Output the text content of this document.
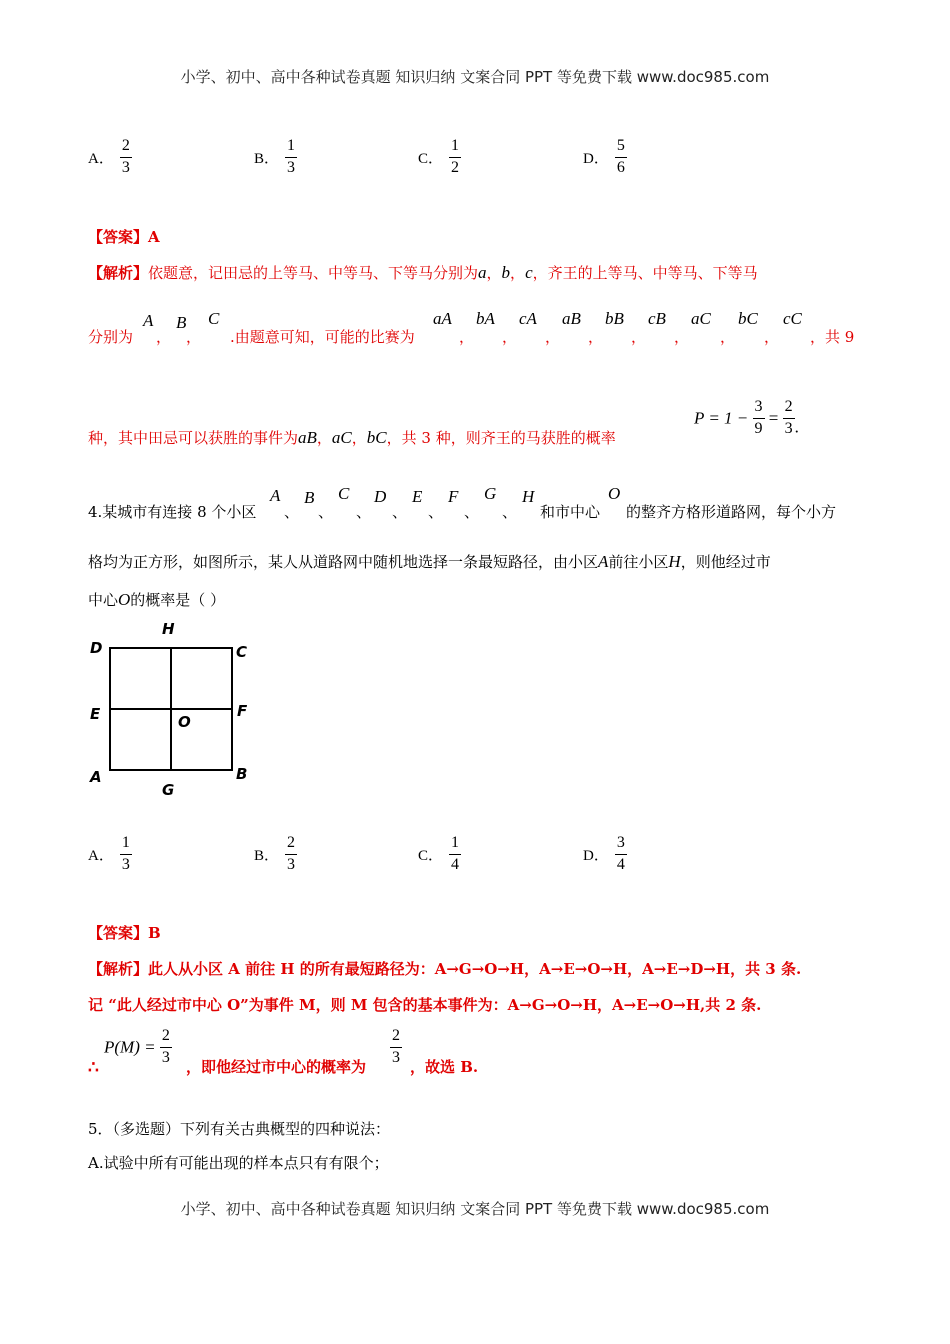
小学、初中、高中各种试卷真题 知识归纳 文案合同 PPT 等免费下载 www.doc985.com
A． $\frac{2}{3}$	B． $\frac{1}{3}$	C． $\frac{1}{2}$	D． $\frac{5}{6}$
【答案】A
【解析】依题意，记田忌的上等马、中等马、下等马分别为a，b，c，齐王的上等马、中等马、下等马
A B C	aA bA cA aB bB cB aC bC cC
分别为 ， ， .由题意可知，可能的比赛为	， ， ， ， ， ， ， ， ，共 9
种，其中田忌可以获胜的事件为aB，aC，bC，共 3 种，则齐王的马获胜的概率
$P = 1 - \frac{3}{9} = \frac{2}{3}$ .
4.某城市有连接 8 个小区
A
、
B
、
C
、
D
、
E
、
F
、
G
、
H
和市中心
O
的整齐方格形道路网，每个小方
格均为正方形，如图所示，某人从道路网中随机地选择一条最短路径，由小区A前往小区H，则他经过市
中心O的概率是（ ）
D
H
C
E	O
F
A
G
B
A． $\frac{1}{3}$	B． $\frac{2}{3}$	C． $\frac{1}{4}$	D． $\frac{3}{4}$
【答案】B
【解析】此人从小区 A 前往 H 的所有最短路径为：A→G→O→H，A→E→O→H，A→E→D→H，共 3 条.
记 “此人经过市中心 O”为事件 M，则 M 包含的基本事件为：A→G→O→H，A→E→O→H,共 2 条.
∴
$P(M) = \frac{2}{3}$
，即他经过市中心的概率为
$\frac{2}{3}$
，故选 B.
5．（多选题）下列有关古典概型的四种说法：
A.试验中所有可能出现的样本点只有有限个；
小学、初中、高中各种试卷真题 知识归纳 文案合同 PPT 等免费下载 www.doc985.com
